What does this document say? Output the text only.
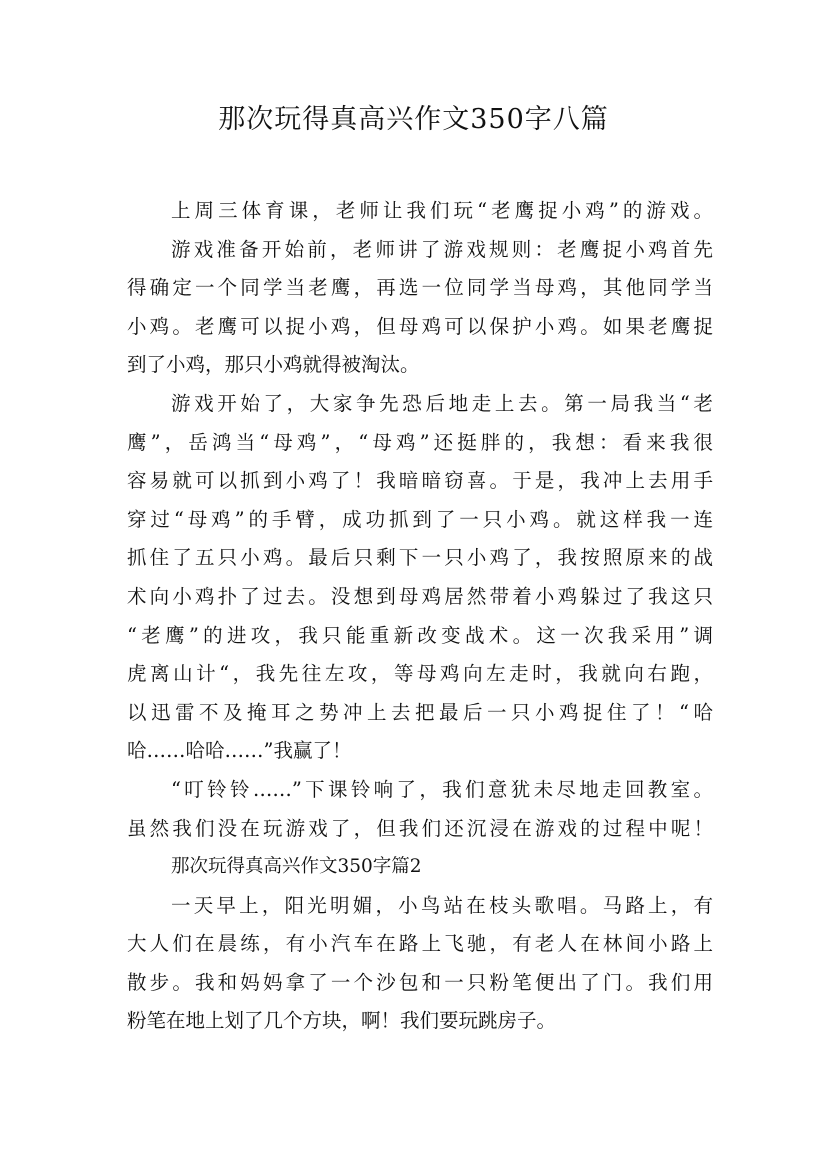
那次玩得真高兴作文350字八篇
上周三体育课，老师让我们玩“老鹰捉小鸡”的游戏。
游戏准备开始前，老师讲了游戏规则：老鹰捉小鸡首先
得确定一个同学当老鹰，再选一位同学当母鸡，其他同学当
小鸡。老鹰可以捉小鸡，但母鸡可以保护小鸡。如果老鹰捉
到了小鸡，那只小鸡就得被淘汰。
游戏开始了，大家争先恐后地走上去。第一局我当“老
鹰”，岳鸿当“母鸡”，“母鸡”还挺胖的，我想：看来我很
容易就可以抓到小鸡了！我暗暗窃喜。于是，我冲上去用手
穿过“母鸡”的手臂，成功抓到了一只小鸡。就这样我一连
抓住了五只小鸡。最后只剩下一只小鸡了，我按照原来的战
术向小鸡扑了过去。没想到母鸡居然带着小鸡躲过了我这只
“老鹰”的进攻，我只能重新改变战术。这一次我采用”调
虎离山计“，我先往左攻，等母鸡向左走时，我就向右跑，
以迅雷不及掩耳之势冲上去把最后一只小鸡捉住了！“哈
哈……哈哈……”我赢了！
“叮铃铃……”下课铃响了，我们意犹未尽地走回教室。
虽然我们没在玩游戏了，但我们还沉浸在游戏的过程中呢！
那次玩得真高兴作文350字篇2
一天早上，阳光明媚，小鸟站在枝头歌唱。马路上，有
大人们在晨练，有小汽车在路上飞驰，有老人在林间小路上
散步。我和妈妈拿了一个沙包和一只粉笔便出了门。我们用
粉笔在地上划了几个方块，啊！我们要玩跳房子。
